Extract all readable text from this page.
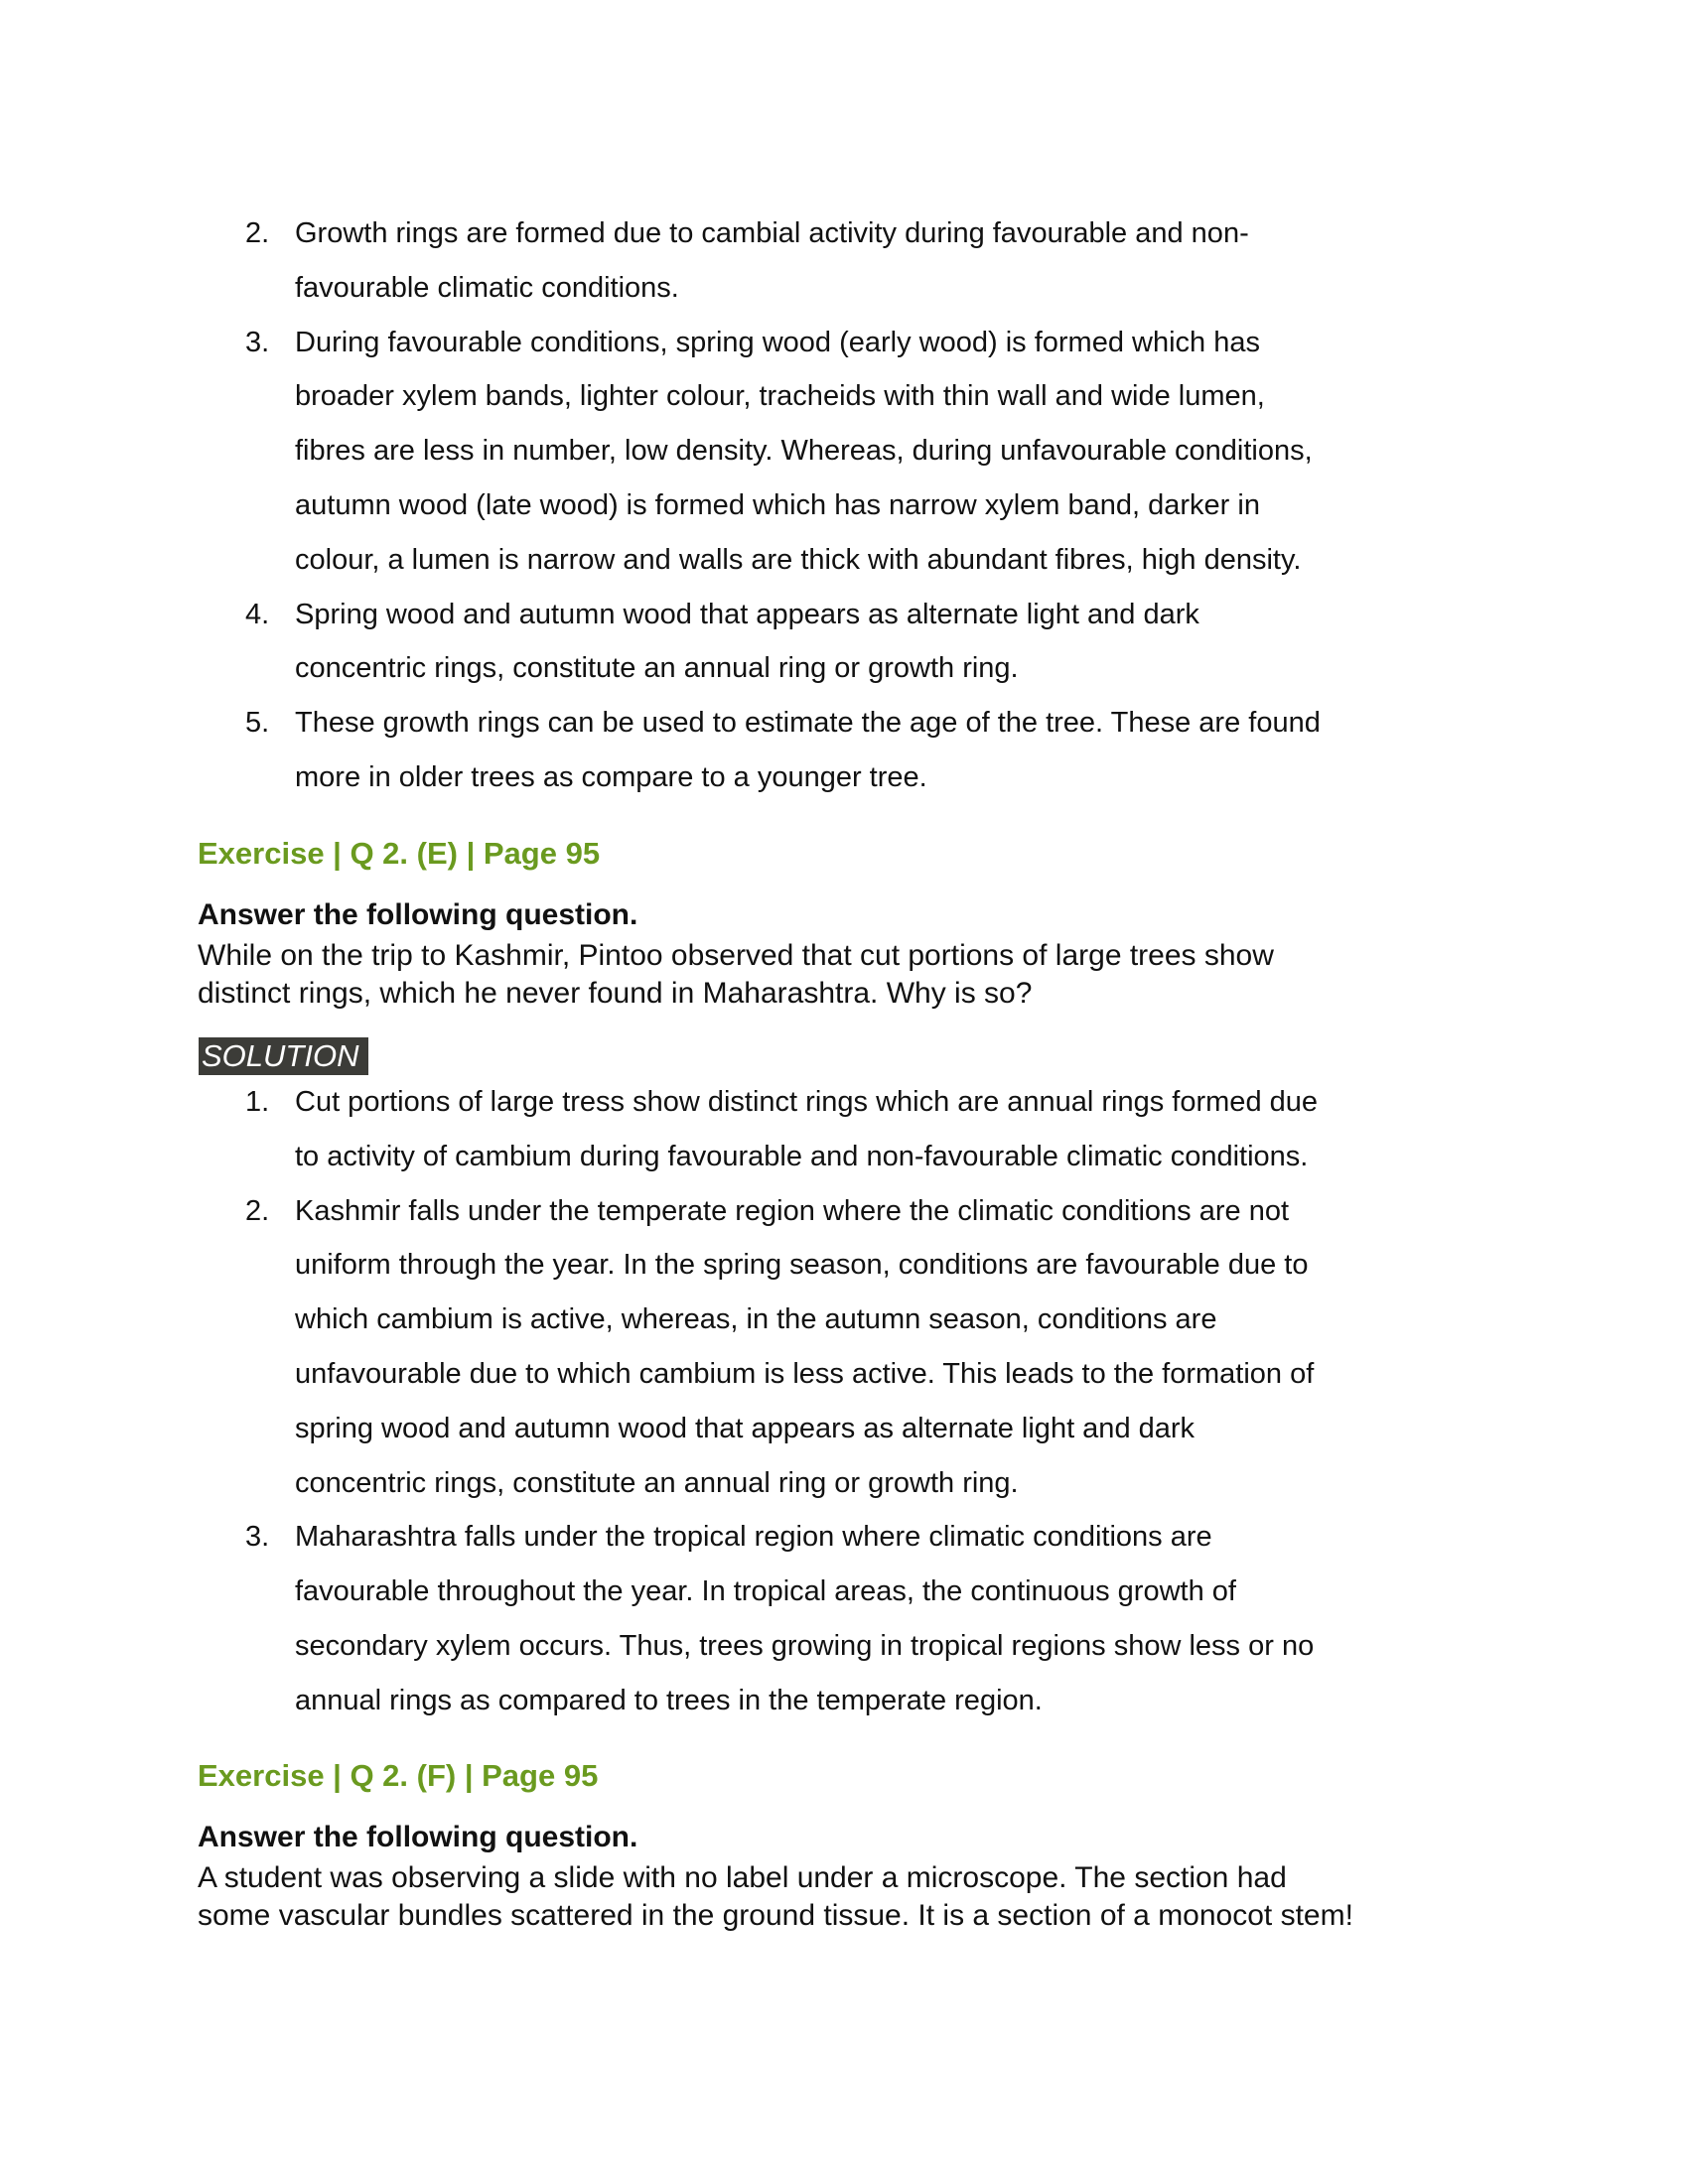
2. Growth rings are formed due to cambial activity during favourable and non-
favourable climatic conditions.
3. During favourable conditions, spring wood (early wood) is formed which has
broader xylem bands, lighter colour, tracheids with thin wall and wide lumen,
fibres are less in number, low density. Whereas, during unfavourable conditions,
autumn wood (late wood) is formed which has narrow xylem band, darker in
colour, a lumen is narrow and walls are thick with abundant fibres, high density.
4. Spring wood and autumn wood that appears as alternate light and dark
concentric rings, constitute an annual ring or growth ring.
5. These growth rings can be used to estimate the age of the tree. These are found
more in older trees as compare to a younger tree.
Exercise | Q 2. (E) | Page 95
Answer the following question.
While on the trip to Kashmir, Pintoo observed that cut portions of large trees show
distinct rings, which he never found in Maharashtra. Why is so?
SOLUTION
1. Cut portions of large tress show distinct rings which are annual rings formed due
to activity of cambium during favourable and non-favourable climatic conditions.
2. Kashmir falls under the temperate region where the climatic conditions are not
uniform through the year. In the spring season, conditions are favourable due to
which cambium is active, whereas, in the autumn season, conditions are
unfavourable due to which cambium is less active. This leads to the formation of
spring wood and autumn wood that appears as alternate light and dark
concentric rings, constitute an annual ring or growth ring.
3. Maharashtra falls under the tropical region where climatic conditions are
favourable throughout the year. In tropical areas, the continuous growth of
secondary xylem occurs. Thus, trees growing in tropical regions show less or no
annual rings as compared to trees in the temperate region.
Exercise | Q 2. (F) | Page 95
Answer the following question.
A student was observing a slide with no label under a microscope. The section had
some vascular bundles scattered in the ground tissue. It is a section of a monocot stem!
